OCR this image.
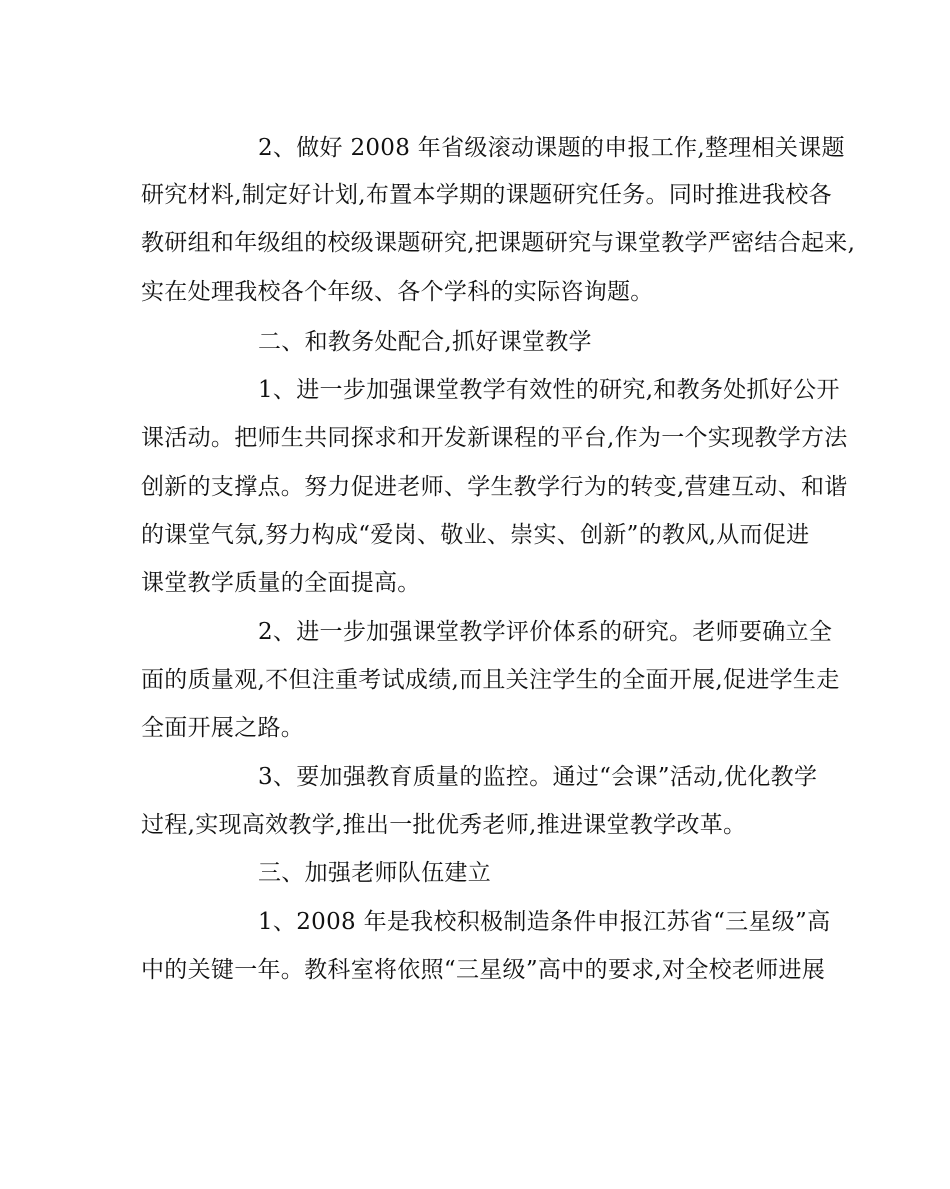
2、做好 2008 年省级滚动课题的申报工作,整理相关课题
研究材料,制定好计划,布置本学期的课题研究任务。同时推进我校各
教研组和年级组的校级课题研究,把课题研究与课堂教学严密结合起来,
实在处理我校各个年级、各个学科的实际咨询题。
二、和教务处配合,抓好课堂教学
1、进一步加强课堂教学有效性的研究,和教务处抓好公开
课活动。把师生共同探求和开发新课程的平台,作为一个实现教学方法
创新的支撑点。努力促进老师、学生教学行为的转变,营建互动、和谐
的课堂气氛,努力构成“爱岗、敬业、崇实、创新”的教风,从而促进
课堂教学质量的全面提高。
2、进一步加强课堂教学评价体系的研究。老师要确立全
面的质量观,不但注重考试成绩,而且关注学生的全面开展,促进学生走
全面开展之路。
3、要加强教育质量的监控。通过“会课”活动,优化教学
过程,实现高效教学,推出一批优秀老师,推进课堂教学改革。
三、加强老师队伍建立
1、2008 年是我校积极制造条件申报江苏省“三星级”高
中的关键一年。教科室将依照“三星级”高中的要求,对全校老师进展
